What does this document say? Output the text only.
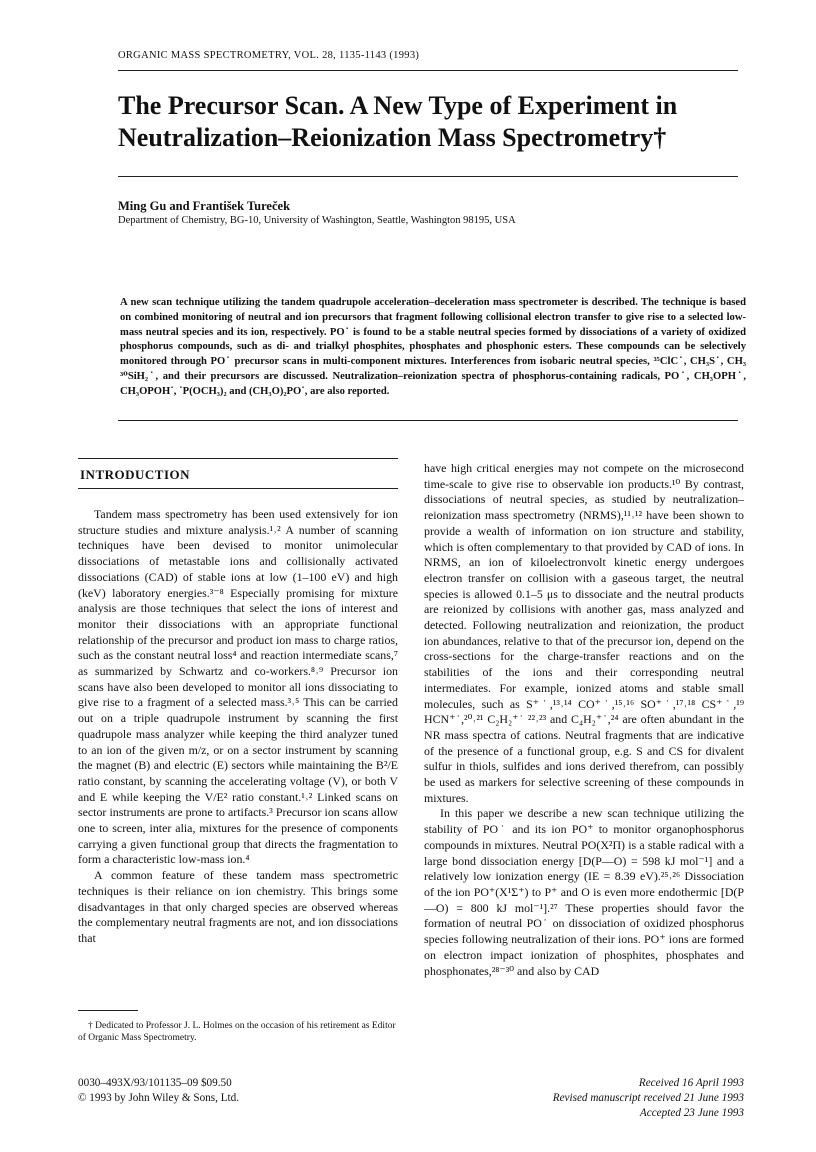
ORGANIC MASS SPECTROMETRY, VOL. 28, 1135-1143 (1993)
The Precursor Scan. A New Type of Experiment in Neutralization–Reionization Mass Spectrometry†
Ming Gu and František Tureček
Department of Chemistry, BG-10, University of Washington, Seattle, Washington 98195, USA
A new scan technique utilizing the tandem quadrupole acceleration–deceleration mass spectrometer is described. The technique is based on combined monitoring of neutral and ion precursors that fragment following collisional electron transfer to give rise to a selected low-mass neutral species and its ion, respectively. PO˙ is found to be a stable neutral species formed by dissociations of a variety of oxidized phosphorus compounds, such as di- and trialkyl phosphites, phosphates and phosphonic esters. These compounds can be selectively monitored through PO˙ precursor scans in multi-component mixtures. Interferences from isobaric neutral species, ³⁵ClC˙, CH₃S˙, CH₃ ³⁰SiH₂˙, and their precursors are discussed. Neutralization–reionization spectra of phosphorus-containing radicals, PO˙, CH₃OPH˙, CH₃OPOH˙, ˙P(OCH₃)₂ and (CH₃O)₂PO˙, are also reported.
INTRODUCTION

Tandem mass spectrometry has been used extensively for ion structure studies and mixture analysis.¹˒² A number of scanning techniques have been devised to monitor unimolecular dissociations of metastable ions and collisionally activated dissociations (CAD) of stable ions at low (1–100 eV) and high (keV) laboratory energies.³⁻⁸ Especially promising for mixture analysis are those techniques that select the ions of interest and monitor their dissociations with an appropriate functional relationship of the precursor and product ion mass to charge ratios, such as the constant neutral loss⁴ and reaction intermediate scans,⁷ as summarized by Schwartz and co-workers.⁸˒⁹ Precursor ion scans have also been developed to monitor all ions dissociating to give rise to a fragment of a selected mass.³˒⁵ This can be carried out on a triple quadrupole instrument by scanning the first quadrupole mass analyzer while keeping the third analyzer tuned to an ion of the given m/z, or on a sector instrument by scanning the magnet (B) and electric (E) sectors while maintaining the B²/E ratio constant, by scanning the accelerating voltage (V), or both V and E while keeping the V/E² ratio constant.¹˒² Linked scans on sector instruments are prone to artifacts.³ Precursor ion scans allow one to screen, inter alia, mixtures for the presence of components carrying a given functional group that directs the fragmentation to form a characteristic low-mass ion.⁴

A common feature of these tandem mass spectrometric techniques is their reliance on ion chemistry. This brings some disadvantages in that only charged species are observed whereas the complementary neutral fragments are not, and ion dissociations that

have high critical energies may not compete on the microsecond time-scale to give rise to observable ion products.¹⁰ By contrast, dissociations of neutral species, as studied by neutralization–reionization mass spectrometry (NRMS),¹¹˒¹² have been shown to provide a wealth of information on ion structure and stability, which is often complementary to that provided by CAD of ions. In NRMS, an ion of kiloelectronvolt kinetic energy undergoes electron transfer on collision with a gaseous target, the neutral species is allowed 0.1–5 μs to dissociate and the neutral products are reionized by collisions with another gas, mass analyzed and detected. Following neutralization and reionization, the product ion abundances, relative to that of the precursor ion, depend on the cross-sections for the charge-transfer reactions and on the stabilities of the ions and their corresponding neutral intermediates. For example, ionized atoms and stable small molecules, such as S⁺˙,¹³˒¹⁴ CO⁺˙,¹⁵˒¹⁶ SO⁺˙,¹⁷˒¹⁸ CS⁺˙,¹⁹ HCN⁺˙,²⁰˒²¹ C₂H₂⁺˙ ²²˒²³ and C₄H₂⁺˙,²⁴ are often abundant in the NR mass spectra of cations. Neutral fragments that are indicative of the presence of a functional group, e.g. S and CS for divalent sulfur in thiols, sulfides and ions derived therefrom, can possibly be used as markers for selective screening of these compounds in mixtures.

In this paper we describe a new scan technique utilizing the stability of PO˙ and its ion PO⁺ to monitor organophosphorus compounds in mixtures. Neutral PO(X²Π) is a stable radical with a large bond dissociation energy [D(P—O) = 598 kJ mol⁻¹] and a relatively low ionization energy (IE = 8.39 eV).²⁵˒²⁶ Dissociation of the ion PO⁺(X¹Σ⁺) to P⁺ and O is even more endothermic [D(P—O) = 800 kJ mol⁻¹].²⁷ These properties should favor the formation of neutral PO˙ on dissociation of oxidized phosphorus species following neutralization of their ions. PO⁺ ions are formed on electron impact ionization of phosphites, phosphates and phosphonates,²⁸⁻³⁰ and also by CAD

† Dedicated to Professor J. L. Holmes on the occasion of his retirement as Editor of Organic Mass Spectrometry.
0030–493X/93/101135–09 $09.50
© 1993 by John Wiley & Sons, Ltd.
Received 16 April 1993
Revised manuscript received 21 June 1993
Accepted 23 June 1993
